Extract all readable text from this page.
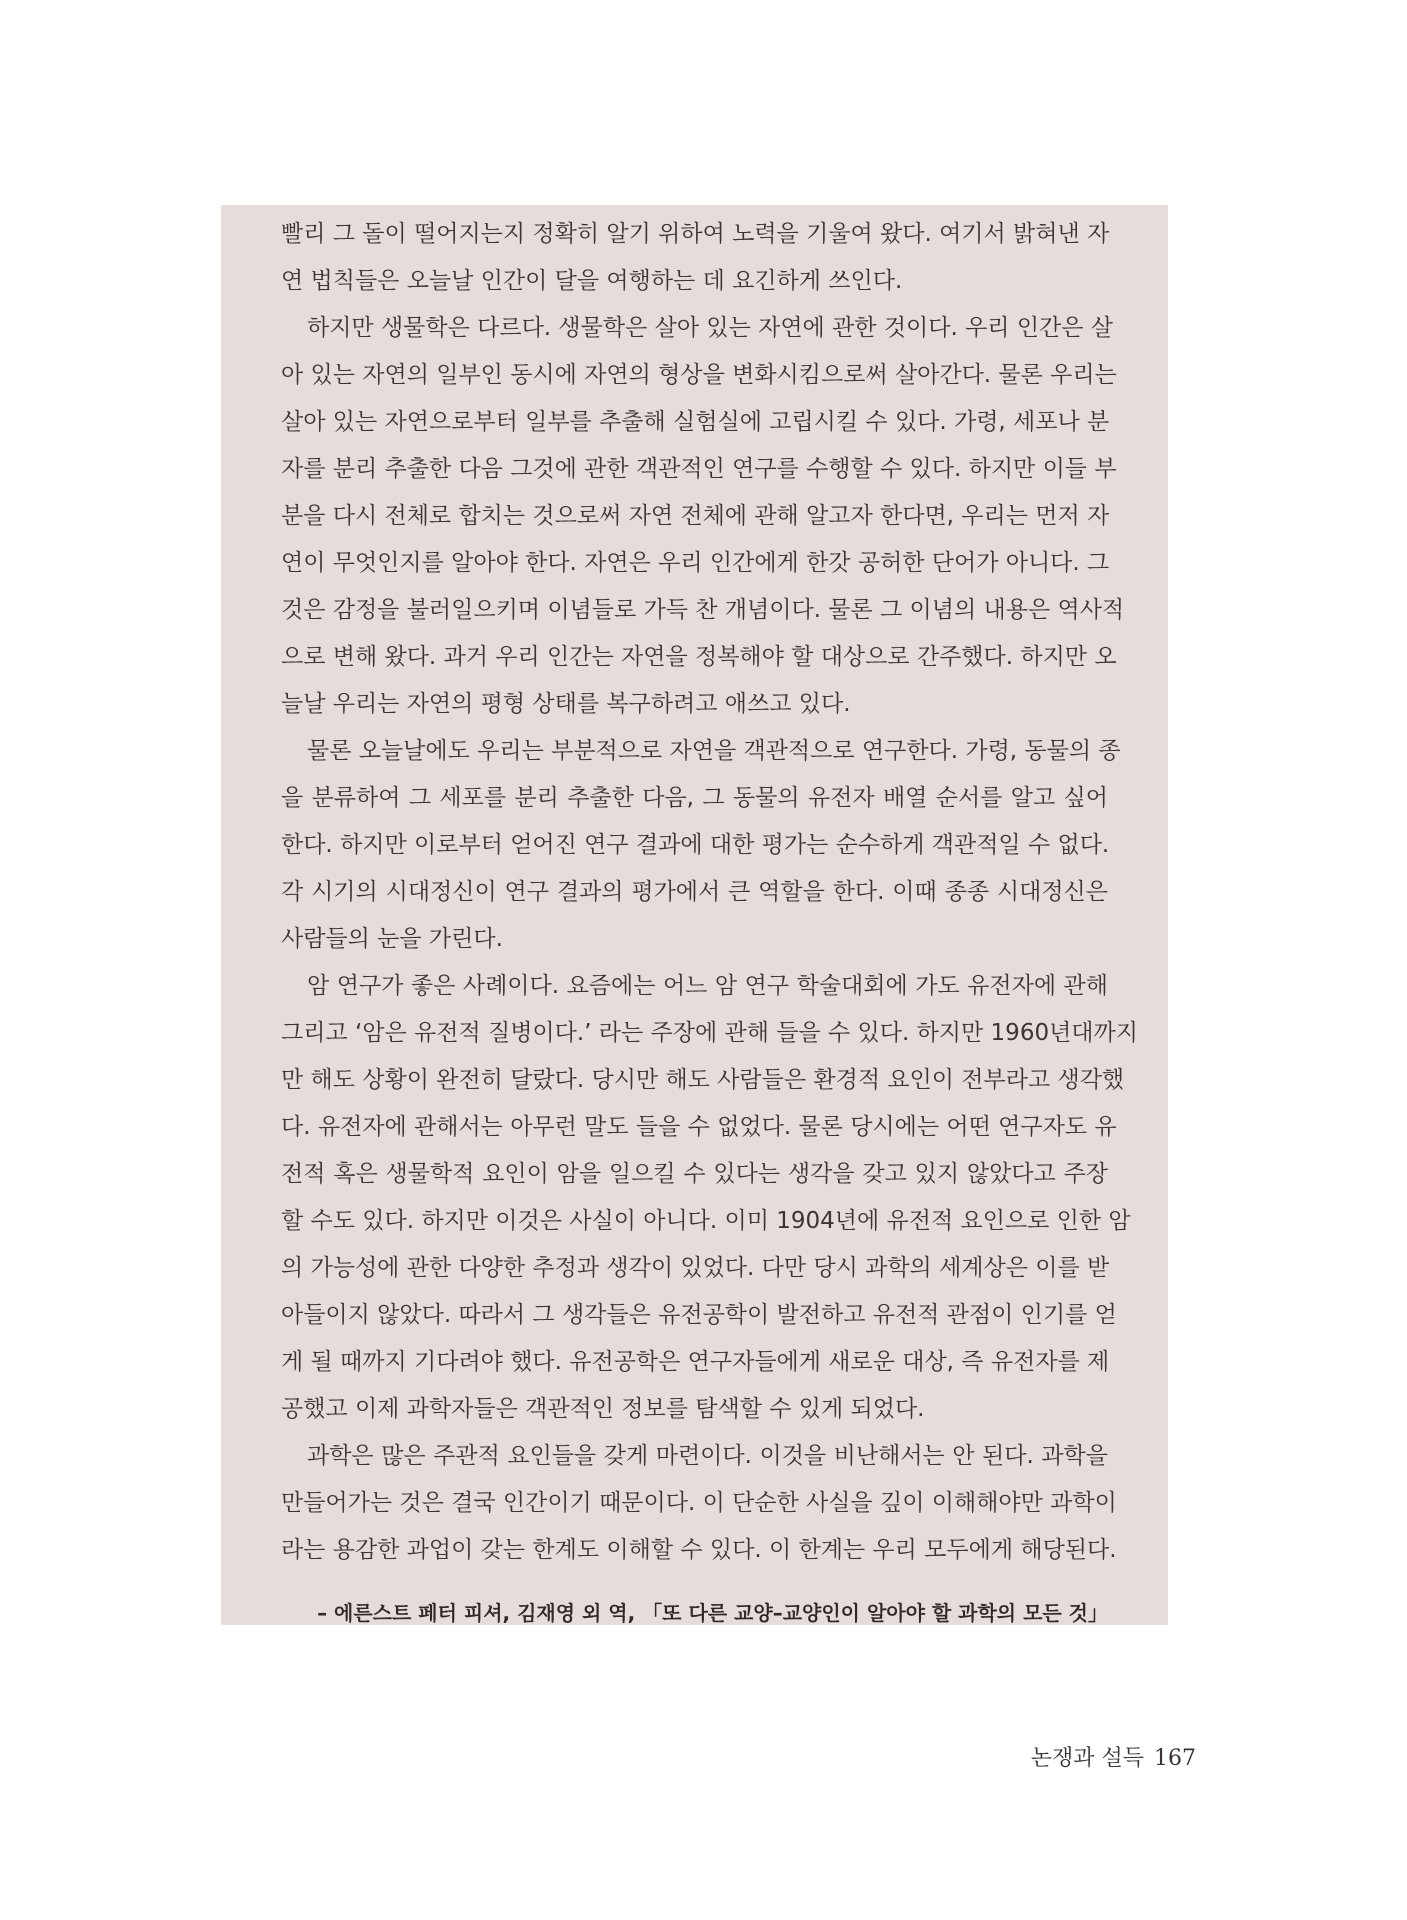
빨리 그 돌이 떨어지는지 정확히 알기 위하여 노력을 기울여 왔다. 여기서 밝혀낸 자
연 법칙들은 오늘날 인간이 달을 여행하는 데 요긴하게 쓰인다.
하지만 생물학은 다르다. 생물학은 살아 있는 자연에 관한 것이다. 우리 인간은 살
아 있는 자연의 일부인 동시에 자연의 형상을 변화시킴으로써 살아간다. 물론 우리는
살아 있는 자연으로부터 일부를 추출해 실험실에 고립시킬 수 있다. 가령, 세포나 분
자를 분리 추출한 다음 그것에 관한 객관적인 연구를 수행할 수 있다. 하지만 이들 부
분을 다시 전체로 합치는 것으로써 자연 전체에 관해 알고자 한다면, 우리는 먼저 자
연이 무엇인지를 알아야 한다. 자연은 우리 인간에게 한갓 공허한 단어가 아니다. 그
것은 감정을 불러일으키며 이념들로 가득 찬 개념이다. 물론 그 이념의 내용은 역사적
으로 변해 왔다. 과거 우리 인간는 자연을 정복해야 할 대상으로 간주했다. 하지만 오
늘날 우리는 자연의 평형 상태를 복구하려고 애쓰고 있다.
물론 오늘날에도 우리는 부분적으로 자연을 객관적으로 연구한다. 가령, 동물의 종
을 분류하여 그 세포를 분리 추출한 다음, 그 동물의 유전자 배열 순서를 알고 싶어
한다. 하지만 이로부터 얻어진 연구 결과에 대한 평가는 순수하게 객관적일 수 없다.
각 시기의 시대정신이 연구 결과의 평가에서 큰 역할을 한다. 이때 종종 시대정신은
사람들의 눈을 가린다.
암 연구가 좋은 사례이다. 요즘에는 어느 암 연구 학술대회에 가도 유전자에 관해
그리고 ‘암은 유전적 질병이다.’ 라는 주장에 관해 들을 수 있다. 하지만 1960년대까지
만 해도 상황이 완전히 달랐다. 당시만 해도 사람들은 환경적 요인이 전부라고 생각했
다. 유전자에 관해서는 아무런 말도 들을 수 없었다. 물론 당시에는 어떤 연구자도 유
전적 혹은 생물학적 요인이 암을 일으킬 수 있다는 생각을 갖고 있지 않았다고 주장
할 수도 있다. 하지만 이것은 사실이 아니다. 이미 1904년에 유전적 요인으로 인한 암
의 가능성에 관한 다양한 추정과 생각이 있었다. 다만 당시 과학의 세계상은 이를 받
아들이지 않았다. 따라서 그 생각들은 유전공학이 발전하고 유전적 관점이 인기를 얻
게 될 때까지 기다려야 했다. 유전공학은 연구자들에게 새로운 대상, 즉 유전자를 제
공했고 이제 과학자들은 객관적인 정보를 탐색할 수 있게 되었다.
과학은 많은 주관적 요인들을 갖게 마련이다. 이것을 비난해서는 안 된다. 과학을
만들어가는 것은 결국 인간이기 때문이다. 이 단순한 사실을 깊이 이해해야만 과학이
라는 용감한 과업이 갖는 한계도 이해할 수 있다. 이 한계는 우리 모두에게 해당된다.
– 에른스트 페터 피셔, 김재영 외 역, 「또 다른 교양–교양인이 알아야 할 과학의 모든 것」
논쟁과 설득 167
